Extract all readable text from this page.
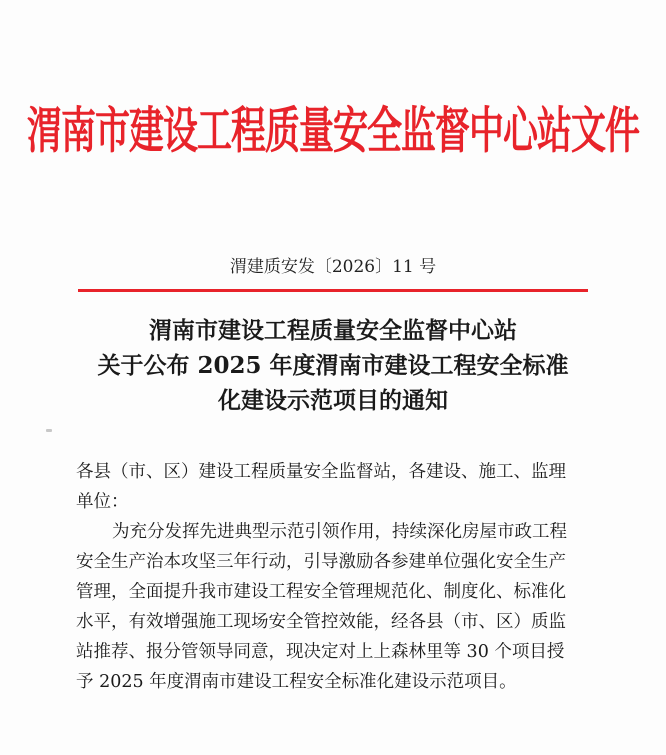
渭南市建设工程质量安全监督中心站文件
渭建质安发〔2026〕11 号
渭南市建设工程质量安全监督中心站
关于公布 2025 年度渭南市建设工程安全标准
化建设示范项目的通知
各县（市、区）建设工程质量安全监督站，各建设、施工、监理
单位：
为充分发挥先进典型示范引领作用，持续深化房屋市政工程
安全生产治本攻坚三年行动，引导激励各参建单位强化安全生产
管理，全面提升我市建设工程安全管理规范化、制度化、标准化
水平，有效增强施工现场安全管控效能，经各县（市、区）质监
站推荐、报分管领导同意，现决定对上上森林里等 30 个项目授
予 2025 年度渭南市建设工程安全标准化建设示范项目。
